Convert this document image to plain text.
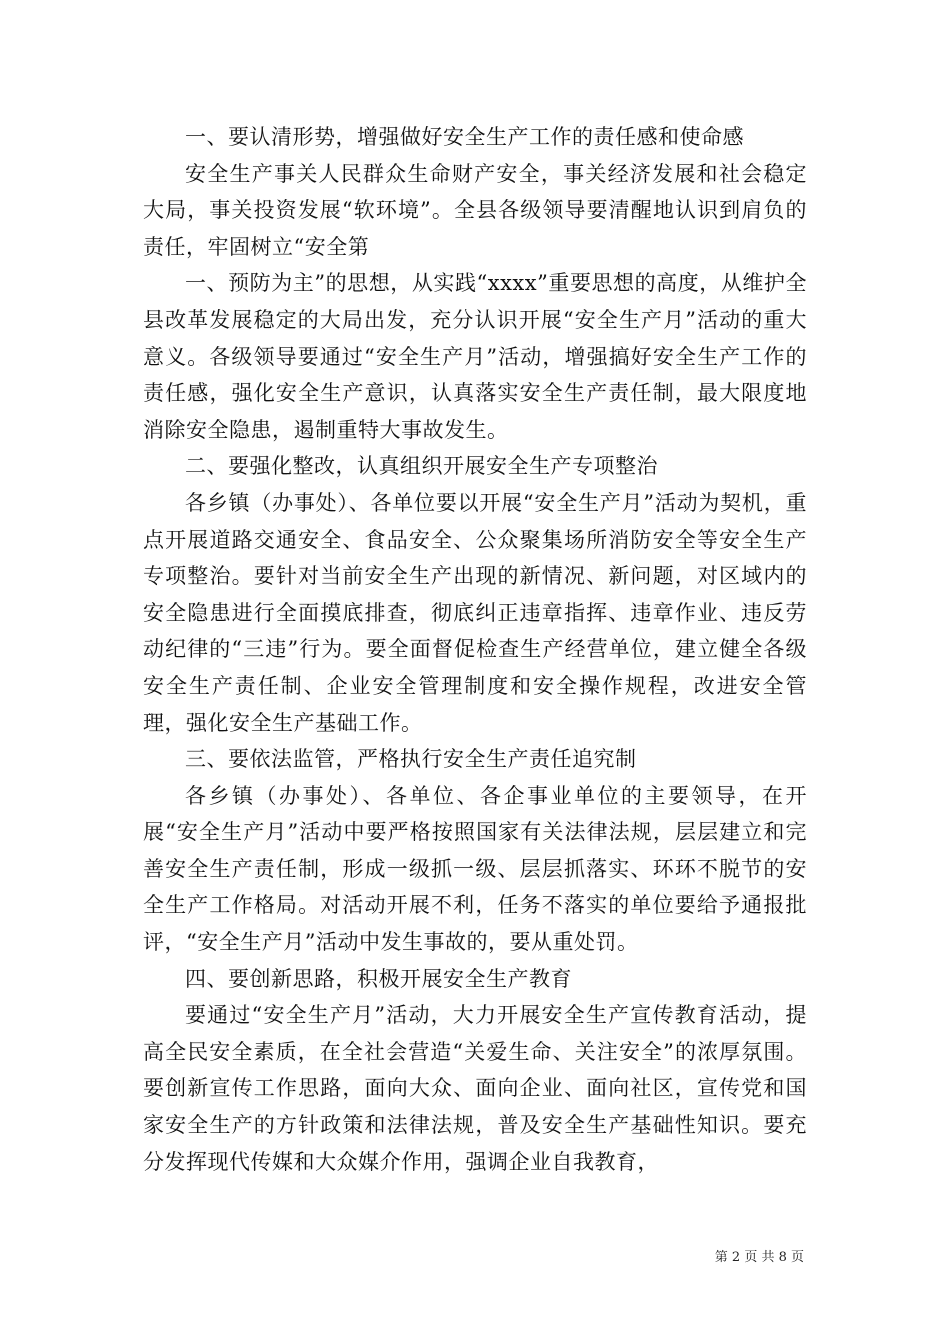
一、要认清形势，增强做好安全生产工作的责任感和使命感

安全生产事关人民群众生命财产安全，事关经济发展和社会稳定大局，事关投资发展“软环境”。全县各级领导要清醒地认识到肩负的责任，牢固树立“安全第

一、预防为主”的思想，从实践“xxxx”重要思想的高度，从维护全县改革发展稳定的大局出发，充分认识开展“安全生产月”活动的重大意义。各级领导要通过“安全生产月”活动，增强搞好安全生产工作的责任感，强化安全生产意识，认真落实安全生产责任制，最大限度地消除安全隐患，遏制重特大事故发生。

二、要强化整改，认真组织开展安全生产专项整治

各乡镇（办事处）、各单位要以开展“安全生产月”活动为契机，重点开展道路交通安全、食品安全、公众聚集场所消防安全等安全生产专项整治。要针对当前安全生产出现的新情况、新问题，对区域内的安全隐患进行全面摸底排查，彻底纠正违章指挥、违章作业、违反劳动纪律的“三违”行为。要全面督促检查生产经营单位，建立健全各级安全生产责任制、企业安全管理制度和安全操作规程，改进安全管理，强化安全生产基础工作。

三、要依法监管，严格执行安全生产责任追究制

各乡镇（办事处）、各单位、各企事业单位的主要领导，在开展“安全生产月”活动中要严格按照国家有关法律法规，层层建立和完善安全生产责任制，形成一级抓一级、层层抓落实、环环不脱节的安全生产工作格局。对活动开展不利，任务不落实的单位要给予通报批评，“安全生产月”活动中发生事故的，要从重处罚。

四、要创新思路，积极开展安全生产教育

要通过“安全生产月”活动，大力开展安全生产宣传教育活动，提高全民安全素质，在全社会营造“关爱生命、关注安全”的浓厚氛围。要创新宣传工作思路，面向大众、面向企业、面向社区，宣传党和国家安全生产的方针政策和法律法规，普及安全生产基础性知识。要充分发挥现代传媒和大众媒介作用，强调企业自我教育，

第 2 页 共 8 页
